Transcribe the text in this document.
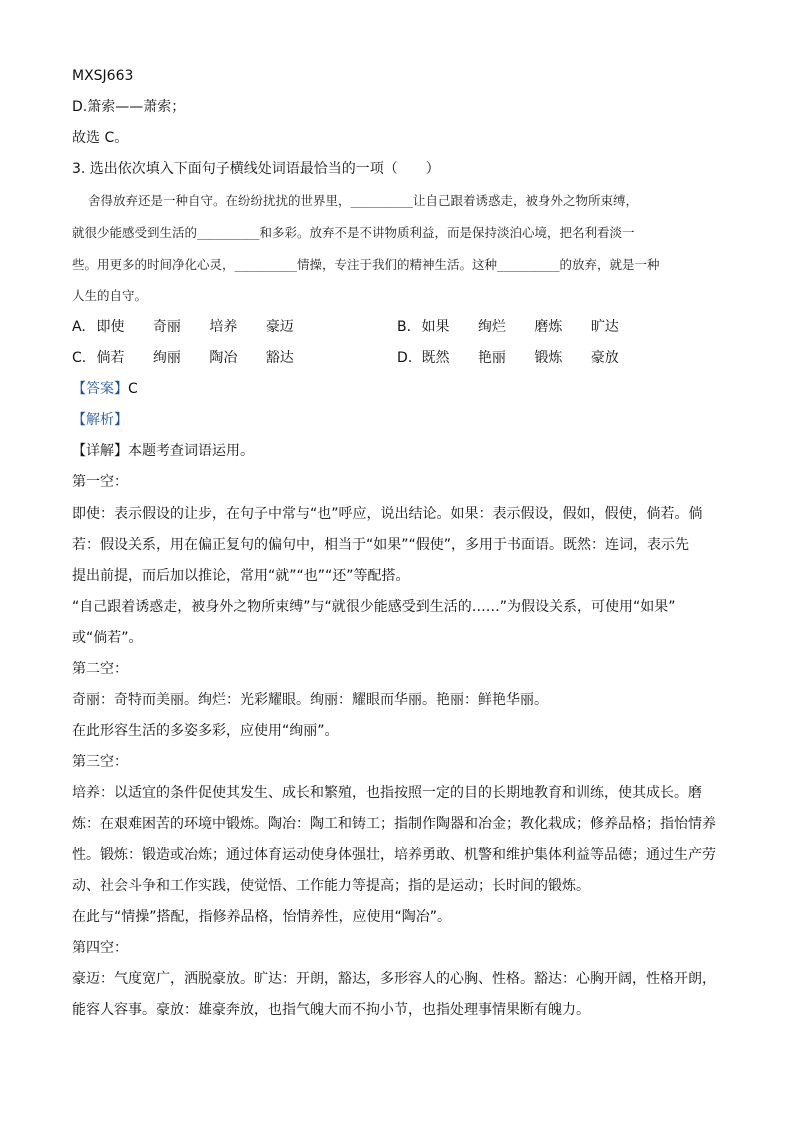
MXSJ663
D.箫索——萧索；
故选 C。
3. 选出依次填入下面句子横线处词语最恰当的一项（　　）
舍得放弃还是一种自守。在纷纷扰扰的世界里，__________让自己跟着诱惑走，被身外之物所束缚，
就很少能感受到生活的__________和多彩。放弃不是不讲物质利益，而是保持淡泊心境，把名利看淡一
些。用更多的时间净化心灵，__________情操，专注于我们的精神生活。这种__________的放弃，就是一种
人生的自守。
A. 即使 奇丽 培养 豪迈	B. 如果 绚烂 磨炼 旷达
C. 倘若 绚丽 陶冶 豁达	D. 既然 艳丽 锻炼 豪放
【答案】C
【解析】
【详解】本题考查词语运用。
第一空：
即使：表示假设的让步，在句子中常与“也”呼应，说出结论。如果：表示假设，假如，假使，倘若。倘
若：假设关系，用在偏正复句的偏句中，相当于“如果”“假使”，多用于书面语。既然：连词，表示先
提出前提，而后加以推论，常用“就”“也”“还”等配搭。
“自己跟着诱惑走，被身外之物所束缚”与“就很少能感受到生活的……”为假设关系，可使用“如果”
或“倘若”。
第二空：
奇丽：奇特而美丽。绚烂：光彩耀眼。绚丽：耀眼而华丽。艳丽：鲜艳华丽。
在此形容生活的多姿多彩，应使用“绚丽”。
第三空：
培养：以适宜的条件促使其发生、成长和繁殖，也指按照一定的目的长期地教育和训练，使其成长。磨
炼：在艰难困苦的环境中锻炼。陶冶：陶工和铸工；指制作陶器和冶金；教化栽成；修养品格；指怡情养
性。锻炼：锻造或冶炼；通过体育运动使身体强壮，培养勇敢、机警和维护集体利益等品德；通过生产劳
动、社会斗争和工作实践，使觉悟、工作能力等提高；指的是运动；长时间的锻炼。
在此与“情操”搭配，指修养品格，怡情养性，应使用“陶冶”。
第四空：
豪迈：气度宽广，洒脱豪放。旷达：开朗，豁达，多形容人的心胸、性格。豁达：心胸开阔，性格开朗，
能容人容事。豪放：雄豪奔放，也指气魄大而不拘小节，也指处理事情果断有魄力。
